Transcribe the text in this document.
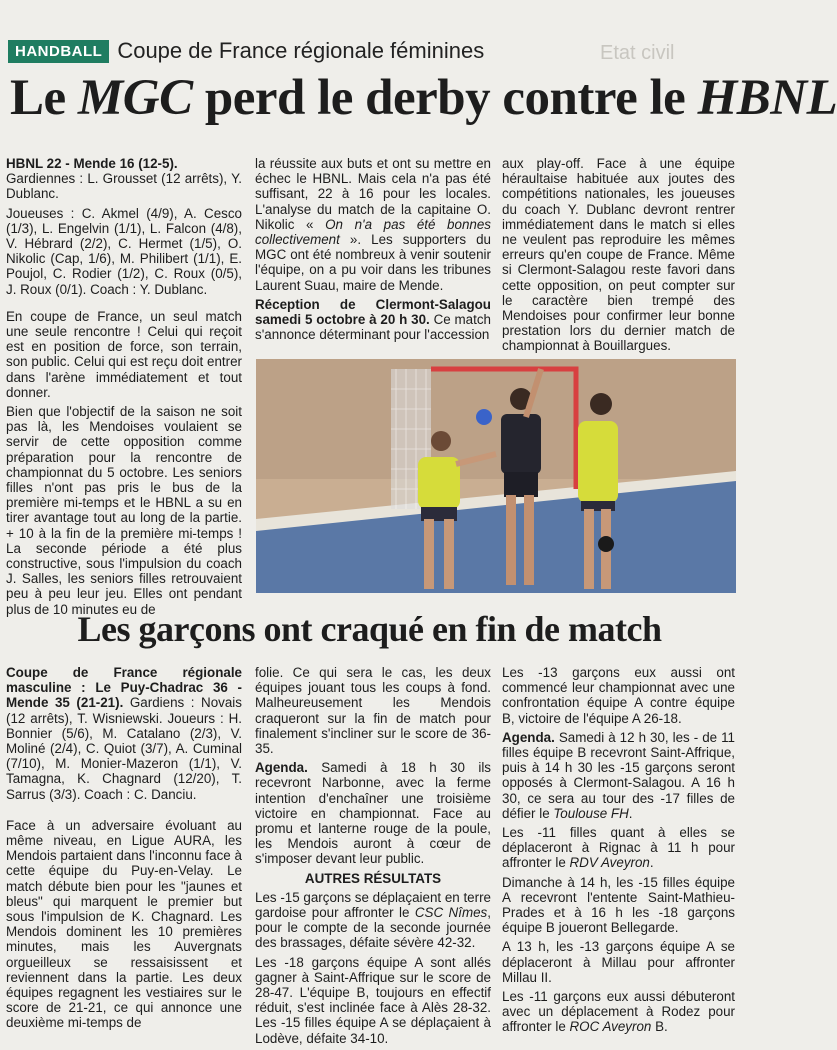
Etat civil
HANDBALL Coupe de France régionale féminines
Le MGC perd le derby contre le HBNL

HBNL 22 - Mende 16 (12-5).
Gardiennes : L. Grousset (12 arrêts), Y. Dublanc.

Joueuses : C. Akmel (4/9), A. Cesco (1/3), L. Engelvin (1/1), L. Falcon (4/8), V. Hébrard (2/2), C. Hermet (1/5), O. Nikolic (Cap, 1/6), M. Philibert (1/1), E. Poujol, C. Rodier (1/2), C. Roux (0/5), J. Roux (0/1). Coach : Y. Dublanc.

En coupe de France, un seul match une seule rencontre ! Celui qui reçoit est en position de force, son terrain, son public. Celui qui est reçu doit entrer dans l'arène immédiatement et tout donner.

Bien que l'objectif de la saison ne soit pas là, les Mendoises voulaient se servir de cette opposition comme préparation pour la rencontre de championnat du 5 octobre. Les seniors filles n'ont pas pris le bus de la première mi-temps et le HBNL a su en tirer avantage tout au long de la partie. + 10 à la fin de la première mi-temps ! La seconde période a été plus constructive, sous l'impulsion du coach J. Salles, les seniors filles retrouvaient peu à peu leur jeu. Elles ont pendant plus de 10 minutes eu de

la réussite aux buts et ont su mettre en échec le HBNL. Mais cela n'a pas été suffisant, 22 à 16 pour les locales. L'analyse du match de la capitaine O. Nikolic « On n'a pas été bonnes collectivement ». Les supporters du MGC ont été nombreux à venir soutenir l'équipe, on a pu voir dans les tribunes Laurent Suau, maire de Mende.

Réception de Clermont-Salagou samedi 5 octobre à 20 h 30. Ce match s'annonce déterminant pour l'accession

aux play-off. Face à une équipe héraultaise habituée aux joutes des compétitions nationales, les joueuses du coach Y. Dublanc devront rentrer immédiatement dans le match si elles ne veulent pas reproduire les mêmes erreurs qu'en coupe de France. Même si Clermont-Salagou reste favori dans cette opposition, on peut compter sur le caractère bien trempé des Mendoises pour confirmer leur bonne prestation lors du dernier match de championnat à Bouillargues.

Les garçons ont craqué en fin de match

Coupe de France régionale masculine : Le Puy-Chadrac 36 - Mende 35 (21-21). Gardiens : Novais (12 arrêts), T. Wisniewski. Joueurs : H. Bonnier (5/6), M. Catalano (2/3), V. Moliné (2/4), C. Quiot (3/7), A. Cuminal (7/10), M. Monier-Mazeron (1/1), V. Tamagna, K. Chagnard (12/20), T. Sarrus (3/3). Coach : C. Danciu.

Face à un adversaire évoluant au même niveau, en Ligue AURA, les Mendois partaient dans l'inconnu face à cette équipe du Puy-en-Velay. Le match débute bien pour les "jaunes et bleus" qui marquent le premier but sous l'impulsion de K. Chagnard. Les Mendois dominent les 10 premières minutes, mais les Auvergnats orgueilleux se ressaisissent et reviennent dans la partie. Les deux équipes regagnent les vestiaires sur le score de 21-21, ce qui annonce une deuxième mi-temps de

folie. Ce qui sera le cas, les deux équipes jouant tous les coups à fond. Malheureusement les Mendois craqueront sur la fin de match pour finalement s'incliner sur le score de 36-35.

Agenda. Samedi à 18 h 30 ils recevront Narbonne, avec la ferme intention d'enchaîner une troisième victoire en championnat. Face au promu et lanterne rouge de la poule, les Mendois auront à cœur de s'imposer devant leur public.

AUTRES RÉSULTATS

Les -15 garçons se déplaçaient en terre gardoise pour affronter le CSC Nîmes, pour le compte de la seconde journée des brassages, défaite sévère 42-32.

Les -18 garçons équipe A sont allés gagner à Saint-Affrique sur le score de 28-47. L'équipe B, toujours en effectif réduit, s'est inclinée face à Alès 28-32. Les -15 filles équipe A se déplaçaient à Lodève, défaite 34-10.

Les -13 garçons eux aussi ont commencé leur championnat avec une confrontation équipe A contre équipe B, victoire de l'équipe A 26-18.

Agenda. Samedi à 12 h 30, les - de 11 filles équipe B recevront Saint-Affrique, puis à 14 h 30 les -15 garçons seront opposés à Clermont-Salagou. A 16 h 30, ce sera au tour des -17 filles de défier le Toulouse FH.

Les -11 filles quant à elles se déplaceront à Rignac à 11 h pour affronter le RDV Aveyron.

Dimanche à 14 h, les -15 filles équipe A recevront l'entente Saint-Mathieu-Prades et à 16 h les -18 garçons équipe B joueront Bellegarde.

A 13 h, les -13 garçons équipe A se déplaceront à Millau pour affronter Millau II.

Les -11 garçons eux aussi débuteront avec un déplacement à Rodez pour affronter le ROC Aveyron B.
